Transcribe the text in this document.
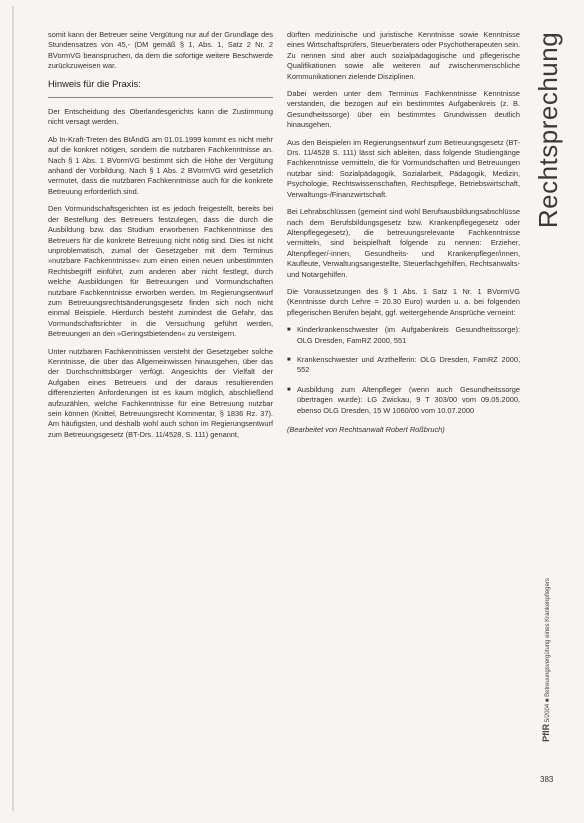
somit kann der Betreuer seine Vergütung nur auf der Grundlage des Stundensatzes von 45,- (DM gemäß § 1, Abs. 1, Satz 2 Nr. 2 BVormVG beanspruchen, da dem die sofortige weitere Beschwerde zurückzuweisen war.

Hinweis für die Praxis:

Der Entscheidung des Oberlandesgerichts kann die Zustimmung nicht versagt werden.

Ab In-Kraft-Treten des BtÄndG am 01.01.1999 kommt es nicht mehr auf die konkret nötigen, sondern die nutzbaren Fachkenntnisse an. Nach § 1 Abs. 1 BVormVG bestimmt sich die Höhe der Vergütung anhand der Vorbildung. Nach § 1 Abs. 2 BVormVG wird gesetzlich vermutet, dass die nutzbaren Fachkenntnisse auch für die konkrete Betreuung erforderlich sind.

Den Vormundschaftsgerichten ist es jedoch freigestellt, bereits bei der Bestellung des Betreuers festzulegen, dass die durch die Ausbildung bzw. das Studium erworbenen Fachkenntnisse des Betreuers für die konkrete Betreuung nicht nötig sind. Dies ist nicht unproblematisch, zumal der Gesetzgeber mit dem Terminus »nutzbare Fachkenntnisse« zum einen einen neuen unbestimmten Rechtsbegriff einführt, zum anderen aber nicht festlegt, durch welche Ausbildungen für Betreuungen und Vormundschaften nutzbare Fachkenntnisse erworben werden. Im Regierungsentwurf zum Betreuungsrechtsänderungsgesetz finden sich noch nicht einmal Beispiele. Hierdurch besteht zumindest die Gefahr, das Vormundschaftsrichter in die Versuchung geführt werden, Betreuungen an den »Geringstbietenden« zu versteigern.

Unter nutzbaren Fachkenntnissen versteht der Gesetzgeber solche Kenntnisse, die über das Allgemeinwissen hinausgehen, über das der Durchschnittsbürger verfügt. Angesichts der Vielfalt der Aufgaben eines Betreuers und der daraus resultierenden differenzierten Anforderungen ist es kaum möglich, abschließend aufzuzählen, welche Fachkenntnisse für eine Betreuung nutzbar sein können (Knittel, Betreuungsrecht Kommentar, § 1836 Rz. 37). Am häufigsten, und deshalb wohl auch schon im Regierungsentwurf zum Betreuungsgesetz (BT-Drs. 11/4528, S. 111) genannt,

dürften medizinische und juristische Kenntnisse sowie Kenntnisse eines Wirtschaftsprüfers, Steuerberaters oder Psychotherapeuten sein. Zu nennen sind aber auch sozialpädagogische und pflegerische Qualifikationen sowie alle weiteren auf zwischenmenschliche Kommunikationen zielende Disziplinen.

Dabei werden unter dem Terminus Fachkenntnisse Kenntnisse verstanden, die bezogen auf ein bestimmtes Aufgabenkreis (z. B. Gesundheitssorge) über ein bestimmtes Grundwissen deutlich hinausgehen.

Aus den Beispielen im Regierungsentwurf zum Betreuungsgesetz (BT-Drs. 11/4528 S. 111) lässt sich ableiten, dass folgende Studiengänge Fachkenntnisse vermitteln, die für Vormundschaften und Betreuungen nutzbar sind: Sozialpädagogik, Sozialarbeit, Pädagogik, Medizin, Psychologie, Rechtswissenschaften, Rechtspflege, Betriebswirtschaft, Verwaltungs-/Finanzwirtschaft.

Bei Lehrabschlüssen (gemeint sind wohl Berufsausbildungsabschlüsse nach dem Berufsbildungsgesetz bzw. Krankenpflegegesetz oder Altenpflegegesetz), die betreuungsrelevante Fachkenntnisse vermitteln, sind beispielhaft folgende zu nennen: Erzieher, Altenpfleger/-innen, Gesundheits- und Krankenpfleger/innen, Kaufleute, Verwaltungsangestellte, Steuerfachgehilfen, Rechtsanwalts- und Notargehilfen.

Die Voraussetzungen des § 1 Abs. 1 Satz 1 Nr. 1 BVormVG (Kenntnisse durch Lehre = 20.30 Euro) wurden u. a. bei folgenden pflegerischen Berufen bejaht, ggf. weitergehende Ansprüche verneint:

■ Kinderkrankenschwester (im Aufgabenkreis Gesundheitssorge): OLG Dresden, FamRZ 2000, 551
■ Krankenschwester und Arzthelferin: OLG Dresden, FamRZ 2000, 552
■ Ausbildung zum Altenpfleger (wenn auch Gesundheitssorge übertragen wurde): LG Zwickau, 9 T 303/00 vom 09.05.2000, ebenso OLG Dresden, 15 W 1060/00 vom 10.07.2000

(Bearbeitet von Rechtsanwalt Robert Roßbruch)

Rechtsprechung
PflR 5/2004 ■ Betreuungsvergütung eines Krankenpflegers
383
